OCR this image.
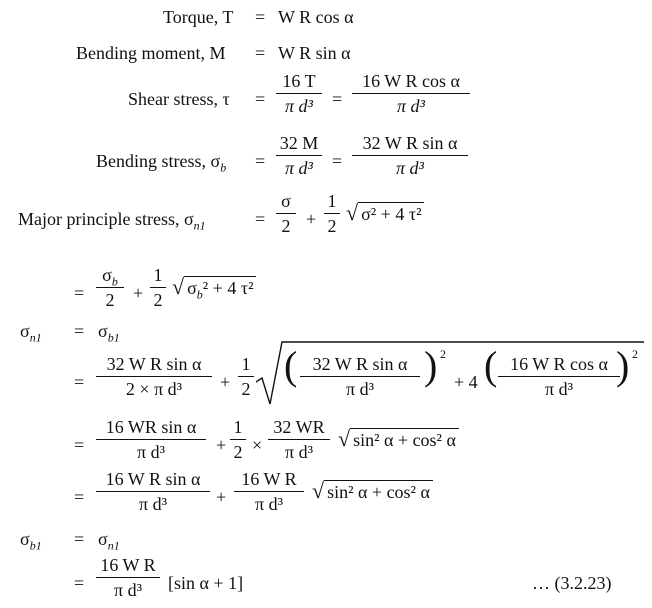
Torque, T = W R cos α
Bending moment, M = W R sin α
Shear stress, $\tau = \frac{16 T}{\text{π d³}} = \frac{\text{16 W R cos α}}{\text{π d³}}$
Bending stress, $\sigma_b = \frac{32 M}{\text{π d³}} = \frac{\text{32 W R sin α}}{\text{π d³}}$
Major principle stress, $\sigma_{n1}$	= $\frac{\sigma}{2} + \frac{1}{2}$ √ σ² + 4 τ²
= $\frac{\sigma_b}{2} + \frac{1}{2}$ √ $\sigma_b^2 + 4$ τ²
$\sigma_{n1} = \sigma_{b1}$
= $\frac{\text{32 W R sin α}}{\text{2 × π d³}} + \frac{1}{2}$ ( $\frac{\text{32 W R sin α}}{\text{π d³}}$ ) 2
+ 4 ( $\frac{\text{16 W R cos α}}{\text{π d³}}$
) 2
= $\frac{\text{16 WR sin α}}{\text{π d³}} + \frac{1}{2} \times \frac{32 WR}{\text{π d³}}$ √ sin² α + cos² α
= $\frac{\text{16 W R sin α}}{\text{π d³}} + \frac{\text{16 W R}}{\text{π d³}}$ √ sin² α + cos² α
$\sigma_{b1} = \sigma_{n1}$
= $\frac{\text{16 W R}}{\text{π d³}} [\sin$ α + 1]	… (3.2.23)
